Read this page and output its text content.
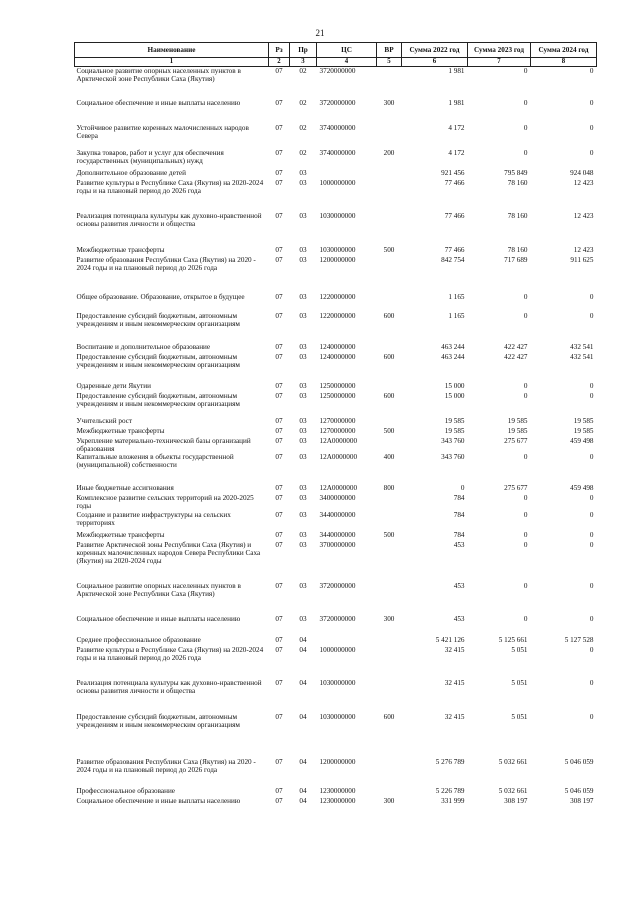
21
Наименование	Рз	Пр	ЦС	ВР	Сумма 2022 год	Сумма 2023 год	Сумма 2024 год
1	2	3	4	5	6	7	8
Социальное развитие опорных населенных пунктов в Арктической зоне Республики Саха (Якутия)	07	02	3720000000		1 981	0	0
Социальное обеспечение и иные выплаты населению	07	02	3720000000	300	1 981	0	0
Устойчивое развитие коренных малочисленных народов Севера	07	02	3740000000		4 172	0	0
Закупка товаров, работ и услуг для обеспечения государственных (муниципальных) нужд	07	02	3740000000	200	4 172	0	0
Дополнительное образование детей	07	03			921 456	795 849	924 048
Развитие культуры в Республике Саха (Якутия) на 2020-2024 годы и на плановый период до 2026 года	07	03	1000000000		77 466	78 160	12 423
Реализация потенциала культуры как духовно-нравственной основы развития личности и общества	07	03	1030000000		77 466	78 160	12 423
Межбюджетные трансферты	07	03	1030000000	500	77 466	78 160	12 423
Развитие образования Республики Саха (Якутия) на 2020 - 2024 годы и на плановый период до 2026 года	07	03	1200000000		842 754	717 689	911 625
Общее образование. Образование, открытое в будущее	07	03	1220000000		1 165	0	0
Предоставление субсидий бюджетным, автономным учреждениям и иным некоммерческим организациям	07	03	1220000000	600	1 165	0	0
Воспитание и дополнительное образование	07	03	1240000000		463 244	422 427	432 541
Предоставление субсидий бюджетным, автономным учреждениям и иным некоммерческим организациям	07	03	1240000000	600	463 244	422 427	432 541
Одаренные дети Якутии	07	03	1250000000		15 000	0	0
Предоставление субсидий бюджетным, автономным учреждениям и иным некоммерческим организациям	07	03	1250000000	600	15 000	0	0
Учительский рост	07	03	1270000000		19 585	19 585	19 585
Межбюджетные трансферты	07	03	1270000000	500	19 585	19 585	19 585
Укрепление материально-технической базы организаций образования	07	03	12А0000000		343 760	275 677	459 498
Капитальные вложения в объекты государственной (муниципальной) собственности	07	03	12А0000000	400	343 760	0	0
Иные бюджетные ассигнования	07	03	12А0000000	800	0	275 677	459 498
Комплексное развитие сельских территорий на 2020-2025 годы	07	03	3400000000		784	0	0
Создание и развитие инфраструктуры на сельских территориях	07	03	3440000000		784	0	0
Межбюджетные трансферты	07	03	3440000000	500	784	0	0
Развитие Арктической зоны Республики Саха (Якутия) и коренных малочисленных народов Севера Республики Саха (Якутия) на 2020-2024 годы	07	03	3700000000		453	0	0
Социальное развитие опорных населенных пунктов в Арктической зоне Республики Саха (Якутия)	07	03	3720000000		453	0	0
Социальное обеспечение и иные выплаты населению	07	03	3720000000	300	453	0	0
Среднее профессиональное образование	07	04			5 421 126	5 125 661	5 127 528
Развитие культуры в Республике Саха (Якутия) на 2020-2024 годы и на плановый период до 2026 года	07	04	1000000000		32 415	5 051	0
Реализация потенциала культуры как духовно-нравственной основы развития личности и общества	07	04	1030000000		32 415	5 051	0
Предоставление субсидий бюджетным, автономным учреждениям и иным некоммерческим организациям	07	04	1030000000	600	32 415	5 051	0
Развитие образования Республики Саха (Якутия) на 2020 - 2024 годы и на плановый период до 2026 года	07	04	1200000000		5 276 789	5 032 661	5 046 059
Профессиональное образование	07	04	1230000000		5 226 789	5 032 661	5 046 059
Социальное обеспечение и иные выплаты населению	07	04	1230000000	300	331 999	308 197	308 197
